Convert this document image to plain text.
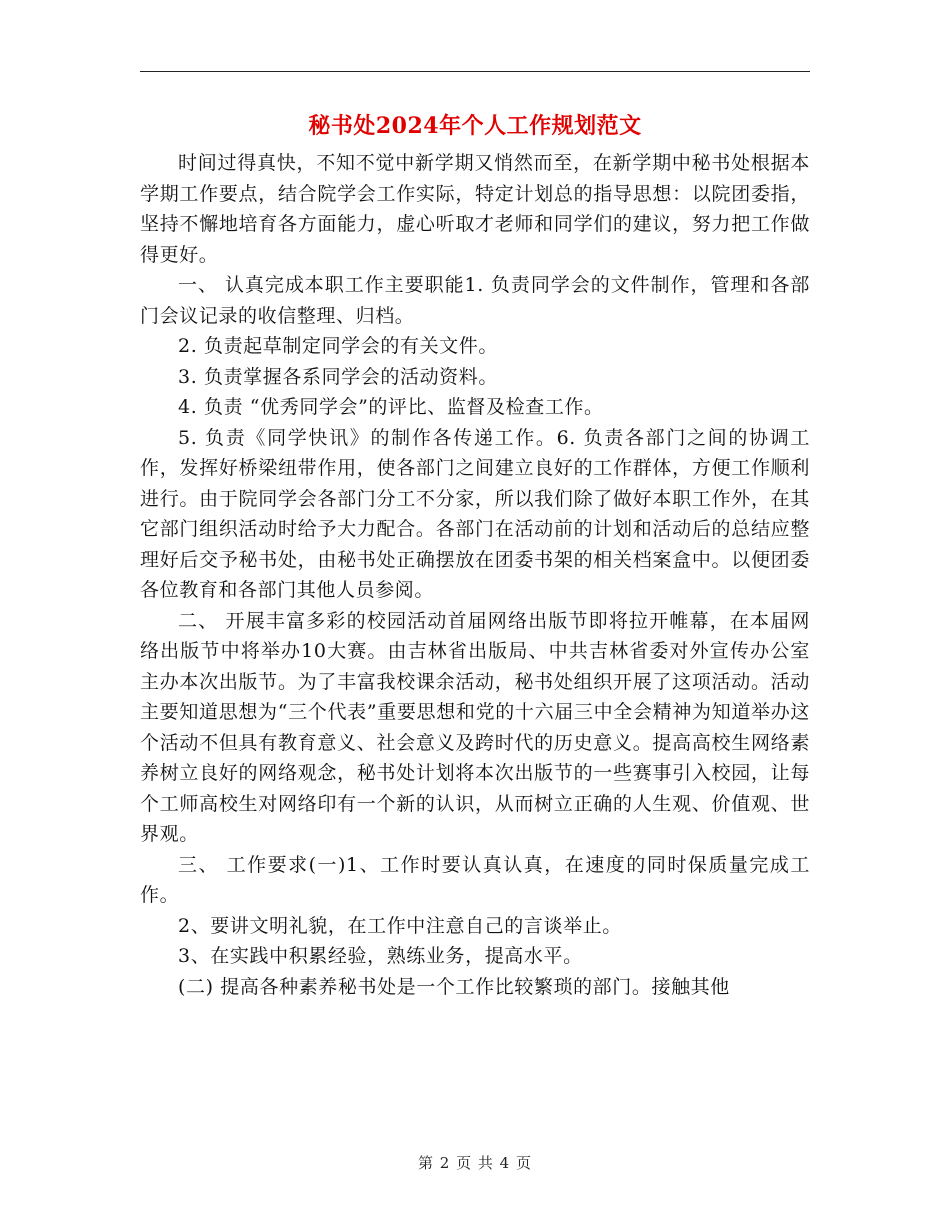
秘书处2024年个人工作规划范文

时间过得真快，不知不觉中新学期又悄然而至，在新学期中秘书处根据本学期工作要点，结合院学会工作实际，特定计划总的指导思想：以院团委指，坚持不懈地培育各方面能力，虚心听取才老师和同学们的建议，努力把工作做得更好。

一、 认真完成本职工作主要职能1. 负责同学会的文件制作，管理和各部门会议记录的收信整理、归档。

2. 负责起草制定同学会的有关文件。

3. 负责掌握各系同学会的活动资料。

4. 负责 “优秀同学会”的评比、监督及检查工作。

5. 负责《同学快讯》的制作各传递工作。6. 负责各部门之间的协调工作，发挥好桥梁纽带作用，使各部门之间建立良好的工作群体，方便工作顺利进行。由于院同学会各部门分工不分家，所以我们除了做好本职工作外，在其它部门组织活动时给予大力配合。各部门在活动前的计划和活动后的总结应整理好后交予秘书处，由秘书处正确摆放在团委书架的相关档案盒中。以便团委各位教育和各部门其他人员参阅。

二、 开展丰富多彩的校园活动首届网络出版节即将拉开帷幕，在本届网络出版节中将举办10大赛。由吉林省出版局、中共吉林省委对外宣传办公室主办本次出版节。为了丰富我校课余活动，秘书处组织开展了这项活动。活动主要知道思想为“三个代表”重要思想和党的十六届三中全会精神为知道举办这个活动不但具有教育意义、社会意义及跨时代的历史意义。提高高校生网络素养树立良好的网络观念，秘书处计划将本次出版节的一些赛事引入校园，让每个工师高校生对网络印有一个新的认识，从而树立正确的人生观、价值观、世界观。

三、 工作要求(一)1、工作时要认真认真，在速度的同时保质量完成工作。

2、要讲文明礼貌，在工作中注意自己的言谈举止。

3、在实践中积累经验，熟练业务，提高水平。

(二) 提高各种素养秘书处是一个工作比较繁琐的部门。接触其他

第 2 页 共 4 页
